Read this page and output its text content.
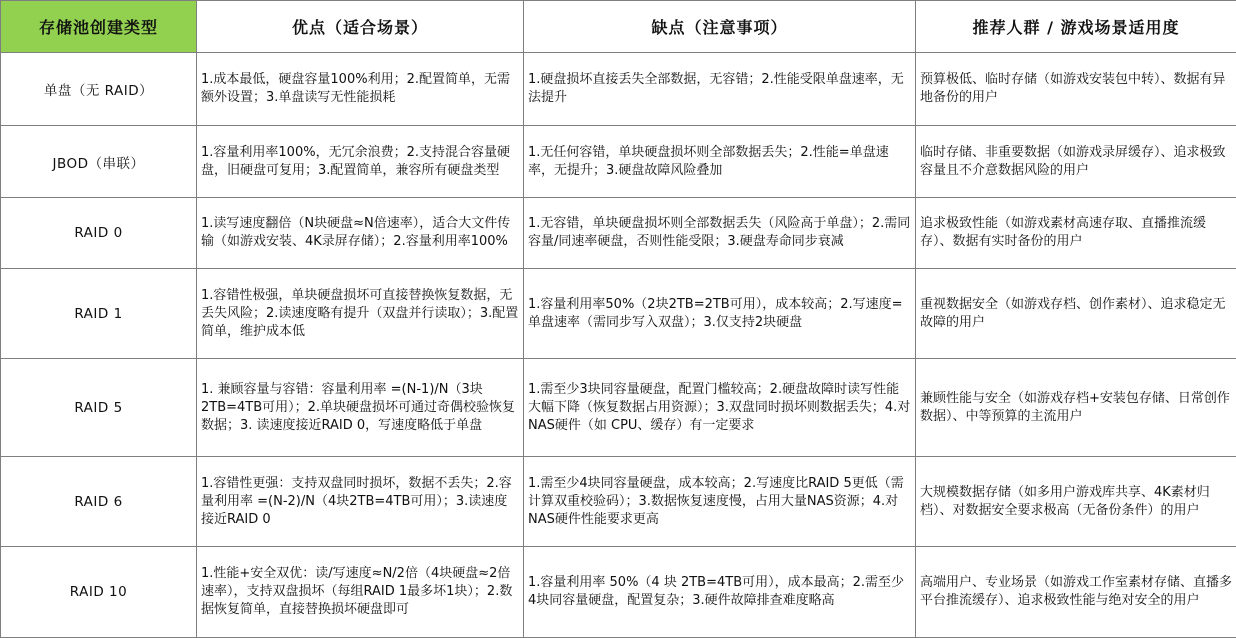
存储池创建类型	优点（适合场景）	缺点（注意事项）	推荐人群 / 游戏场景适用度
单盘（无 RAID）	1.成本最低，硬盘容量100%利用；2.配置简单，无需额外设置；3.单盘读写无性能损耗	1.硬盘损坏直接丢失全部数据，无容错；2.性能受限单盘速率，无法提升	预算极低、临时存储（如游戏安装包中转）、数据有异地备份的用户
JBOD（串联）	1.容量利用率100%，无冗余浪费；2.支持混合容量硬盘，旧硬盘可复用；3.配置简单，兼容所有硬盘类型	1.无任何容错，单块硬盘损坏则全部数据丢失；2.性能=单盘速率，无提升；3.硬盘故障风险叠加	临时存储、非重要数据（如游戏录屏缓存）、追求极致容量且不介意数据风险的用户
RAID 0	1.读写速度翻倍（N块硬盘≈N倍速率），适合大文件传输（如游戏安装、4K录屏存储）；2.容量利用率100%	1.无容错，单块硬盘损坏则全部数据丢失（风险高于单盘）；2.需同容量/同速率硬盘，否则性能受限；3.硬盘寿命同步衰减	追求极致性能（如游戏素材高速存取、直播推流缓存）、数据有实时备份的用户
RAID 1	1.容错性极强，单块硬盘损坏可直接替换恢复数据，无丢失风险；2.读速度略有提升（双盘并行读取）；3.配置简单，维护成本低	1.容量利用率50%（2块2TB=2TB可用），成本较高；2.写速度=单盘速率（需同步写入双盘）；3.仅支持2块硬盘	重视数据安全（如游戏存档、创作素材）、追求稳定无故障的用户
RAID 5	1. 兼顾容量与容错：容量利用率 =(N-1)/N（3块2TB=4TB可用）；2.单块硬盘损坏可通过奇偶校验恢复数据；3. 读速度接近RAID 0，写速度略低于单盘	1.需至少3块同容量硬盘，配置门槛较高；2.硬盘故障时读写性能大幅下降（恢复数据占用资源）；3.双盘同时损坏则数据丢失；4.对NAS硬件（如 CPU、缓存）有一定要求	兼顾性能与安全（如游戏存档+安装包存储、日常创作数据）、中等预算的主流用户
RAID 6	1.容错性更强：支持双盘同时损坏，数据不丢失；2.容量利用率 =(N-2)/N（4块2TB=4TB可用）；3.读速度接近RAID 0	1.需至少4块同容量硬盘，成本较高；2.写速度比RAID 5更低（需计算双重校验码）；3.数据恢复速度慢，占用大量NAS资源；4.对NAS硬件性能要求更高	大规模数据存储（如多用户游戏库共享、4K素材归档）、对数据安全要求极高（无备份条件）的用户
RAID 10	1.性能+安全双优：读/写速度≈N/2倍（4块硬盘≈2倍速率），支持双盘损坏（每组RAID 1最多坏1块）；2.数据恢复简单，直接替换损坏硬盘即可	1.容量利用率 50%（4 块 2TB=4TB可用），成本最高；2.需至少4块同容量硬盘，配置复杂；3.硬件故障排查难度略高	高端用户、专业场景（如游戏工作室素材存储、直播多平台推流缓存）、追求极致性能与绝对安全的用户
